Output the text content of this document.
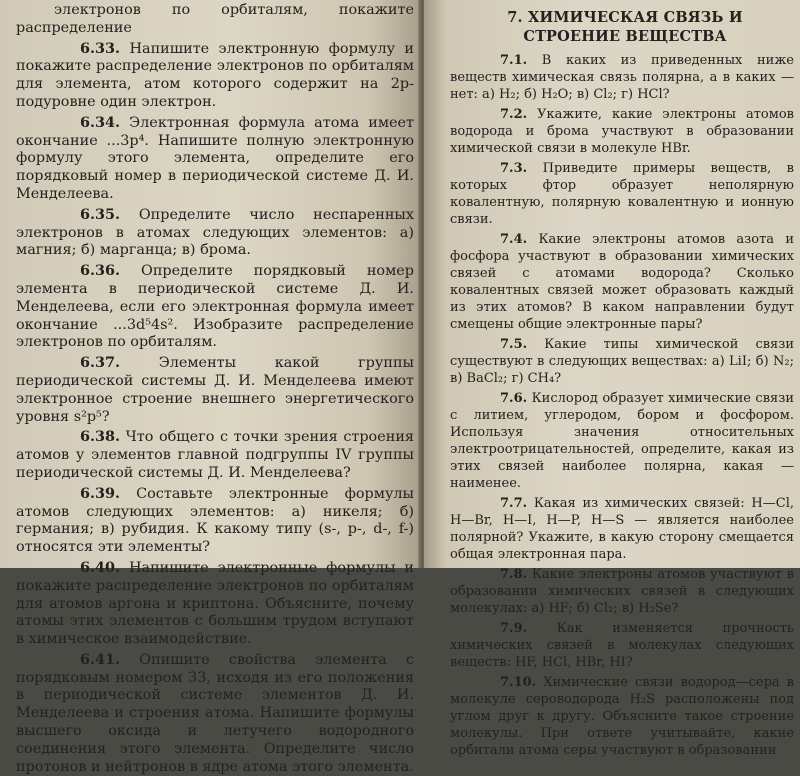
электронов по орбиталям, покажите распределение

6.33. Напишите электронную формулу и покажите распределение электронов по орбиталям для элемента, атом которого содержит на 2p-подуровне один электрон.

6.34. Электронная формула атома имеет окончание ...3p⁴. Напишите полную электронную формулу этого элемента, определите его порядковый номер в периодической системе Д. И. Менделеева.

6.35. Определите число неспаренных электронов в атомах следующих элементов: а) магния; б) марганца; в) брома.

6.36. Определите порядковый номер элемента в периодической системе Д. И. Менделеева, если его электронная формула имеет окончание ...3d⁵4s². Изобразите распределение электронов по орбиталям.

6.37.	Элементы какой группы периодической системы Д. И. Менделеева имеют электронное строение внешнего энергетического уровня s²p⁵?

6.38. Что общего с точки зрения строения атомов у элементов главной подгруппы IV группы периодической системы Д. И. Менделеева?

6.39. Составьте электронные формулы атомов следующих элементов: а) никеля; б) германия; в) рубидия. К какому типу (s-, p-, d-, f-) относятся эти элементы?

6.40. Напишите электронные формулы и покажите распределение электронов по орбиталям для атомов аргона и криптона. Объясните, почему атомы этих элементов с большим трудом вступают в химическое взаимодействие.

6.41. Опишите свойства элемента с порядковым номером 33, исходя из его положения в периодической системе элементов Д. И. Менделеева и строения атома. Напишите формулы высшего оксида и летучего водородного соединения этого элемента. Определите число протонов и нейтронов в ядре атома этого элемента.

7. ХИМИЧЕСКАЯ СВЯЗЬ И СТРОЕНИЕ ВЕЩЕСТВА

7.1. В каких из приведенных ниже веществ химическая связь полярна, а в каких — нет: а) H₂; б) H₂O; в) Cl₂; г) HCl?

7.2. Укажите, какие электроны атомов водорода и брома участвуют в образовании химической связи в молекуле HBr.

7.3. Приведите примеры веществ, в которых фтор образует неполярную ковалентную, полярную ковалентную и ионную связи.

7.4. Какие электроны атомов азота и фосфора участвуют в образовании химических связей с атомами водорода? Сколько ковалентных связей может образовать каждый из этих атомов? В каком направлении будут смещены общие электронные пары?

7.5. Какие типы химической связи существуют в следующих веществах: а) LiI; б) N₂; в) BaCl₂; г) CH₄?

7.6. Кислород образует химические связи с литием, углеродом, бором и фосфором. Используя значения относительных электроотрицательностей, определите, какая из этих связей наиболее полярна, какая — наименее.

7.7. Какая из химических связей: H—Cl, H—Br, H—I, H—P, H—S — является наиболее полярной? Укажите, в какую сторону смещается общая электронная пара.

7.8. Какие электроны атомов участвуют в образовании химических связей в следующих молекулах: а) HF; б) Cl₂; в) H₂Se?

7.9. Как изменяется прочность химических связей в молекулах следующих веществ: HF, HCl, HBr, HI?

7.10. Химические связи водород—сера в молекуле сероводорода H₂S расположены под углом друг к другу. Объясните такое строение молекулы. При ответе учитывайте, какие орбитали атома серы участвуют в образовании
